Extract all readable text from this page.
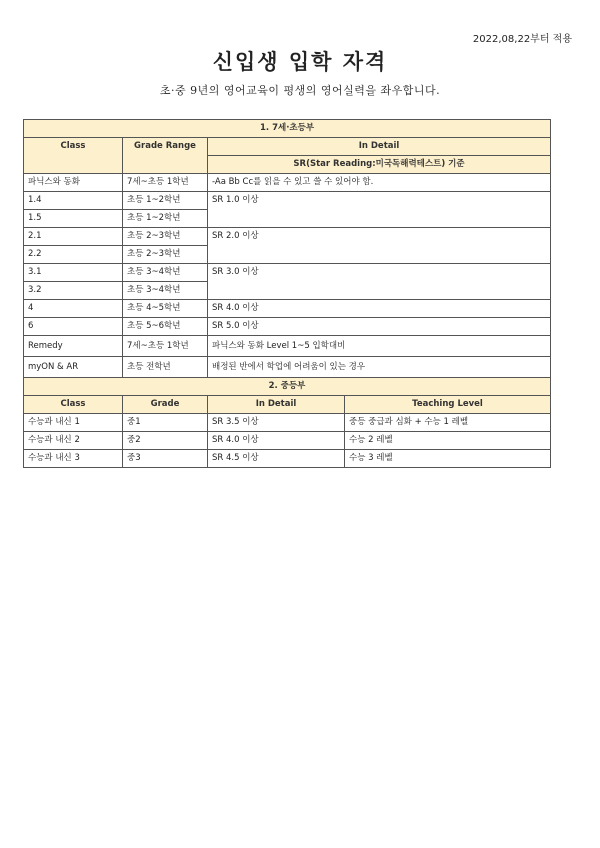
2022,08,22부터 적용
신입생 입학 자격
초·중 9년의 영어교육이 평생의 영어실력을 좌우합니다.
1. 7세·초등부			
Class	Grade Range	In Detail	
		SR(Star Reading:미국독해력테스트) 기준	
파닉스와 동화	7세~초등 1학년	-Aa Bb Cc를 읽을 수 있고 쓸 수 있어야 함.	
1.4	초등 1~2학년	SR 1.0 이상	
1.5	초등 1~2학년		
2.1	초등 2~3학년	SR 2.0 이상	
2.2	초등 2~3학년		
3.1	초등 3~4학년	SR 3.0 이상	
3.2	초등 3~4학년		
4	초등 4~5학년	SR 4.0 이상	
6	초등 5~6학년	SR 5.0 이상	
Remedy	7세~초등 1학년	파닉스와 동화 Level 1~5 입학대비	
myON & AR	초등 전학년	배정된 반에서 학업에 어려움이 있는 경우	
2. 중등부			
Class	Grade	In Detail	Teaching Level
수능과 내신 1	중1	SR 3.5 이상	중등 중급과 심화 + 수능 1 레벨
수능과 내신 2	중2	SR 4.0 이상	수능 2 레벨
수능과 내신 3	중3	SR 4.5 이상	수능 3 레벨
